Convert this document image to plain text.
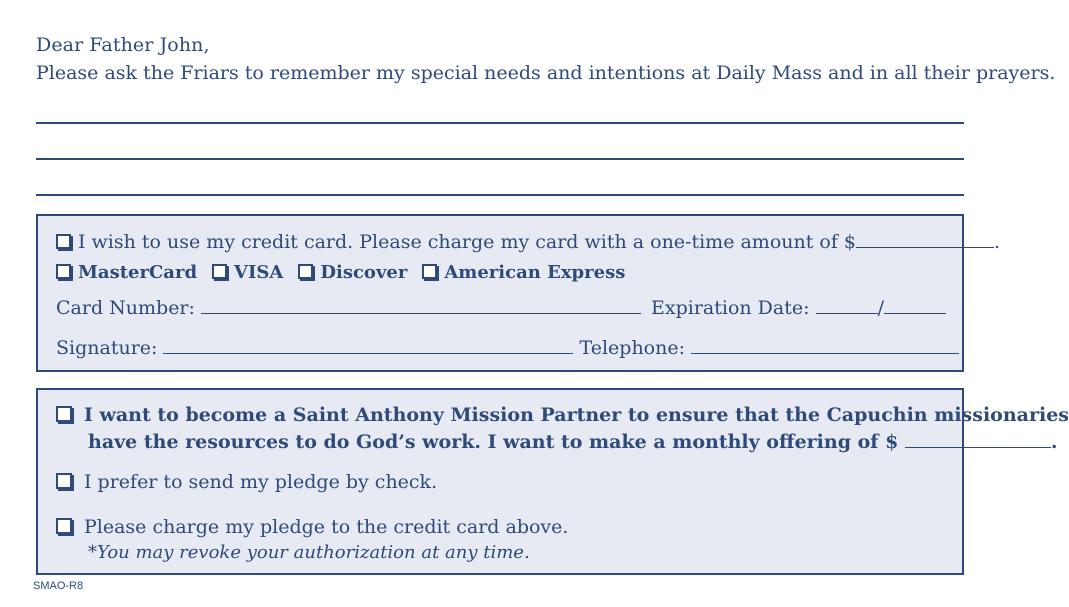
Dear Father John,
Please ask the Friars to remember my special needs and intentions at Daily Mass and in all their prayers.
I wish to use my credit card. Please charge my card with a one-time amount of $	.
MasterCard VISA Discover American Express
Card Number:	Expiration Date:	/
Signature:	Telephone:
I want to become a Saint Anthony Mission Partner to ensure that the Capuchin missionaries
have the resources to do God’s work. I want to make a monthly offering of $	.
I prefer to send my pledge by check.
Please charge my pledge to the credit card above.
*You may revoke your authorization at any time.
SMAO-R8
